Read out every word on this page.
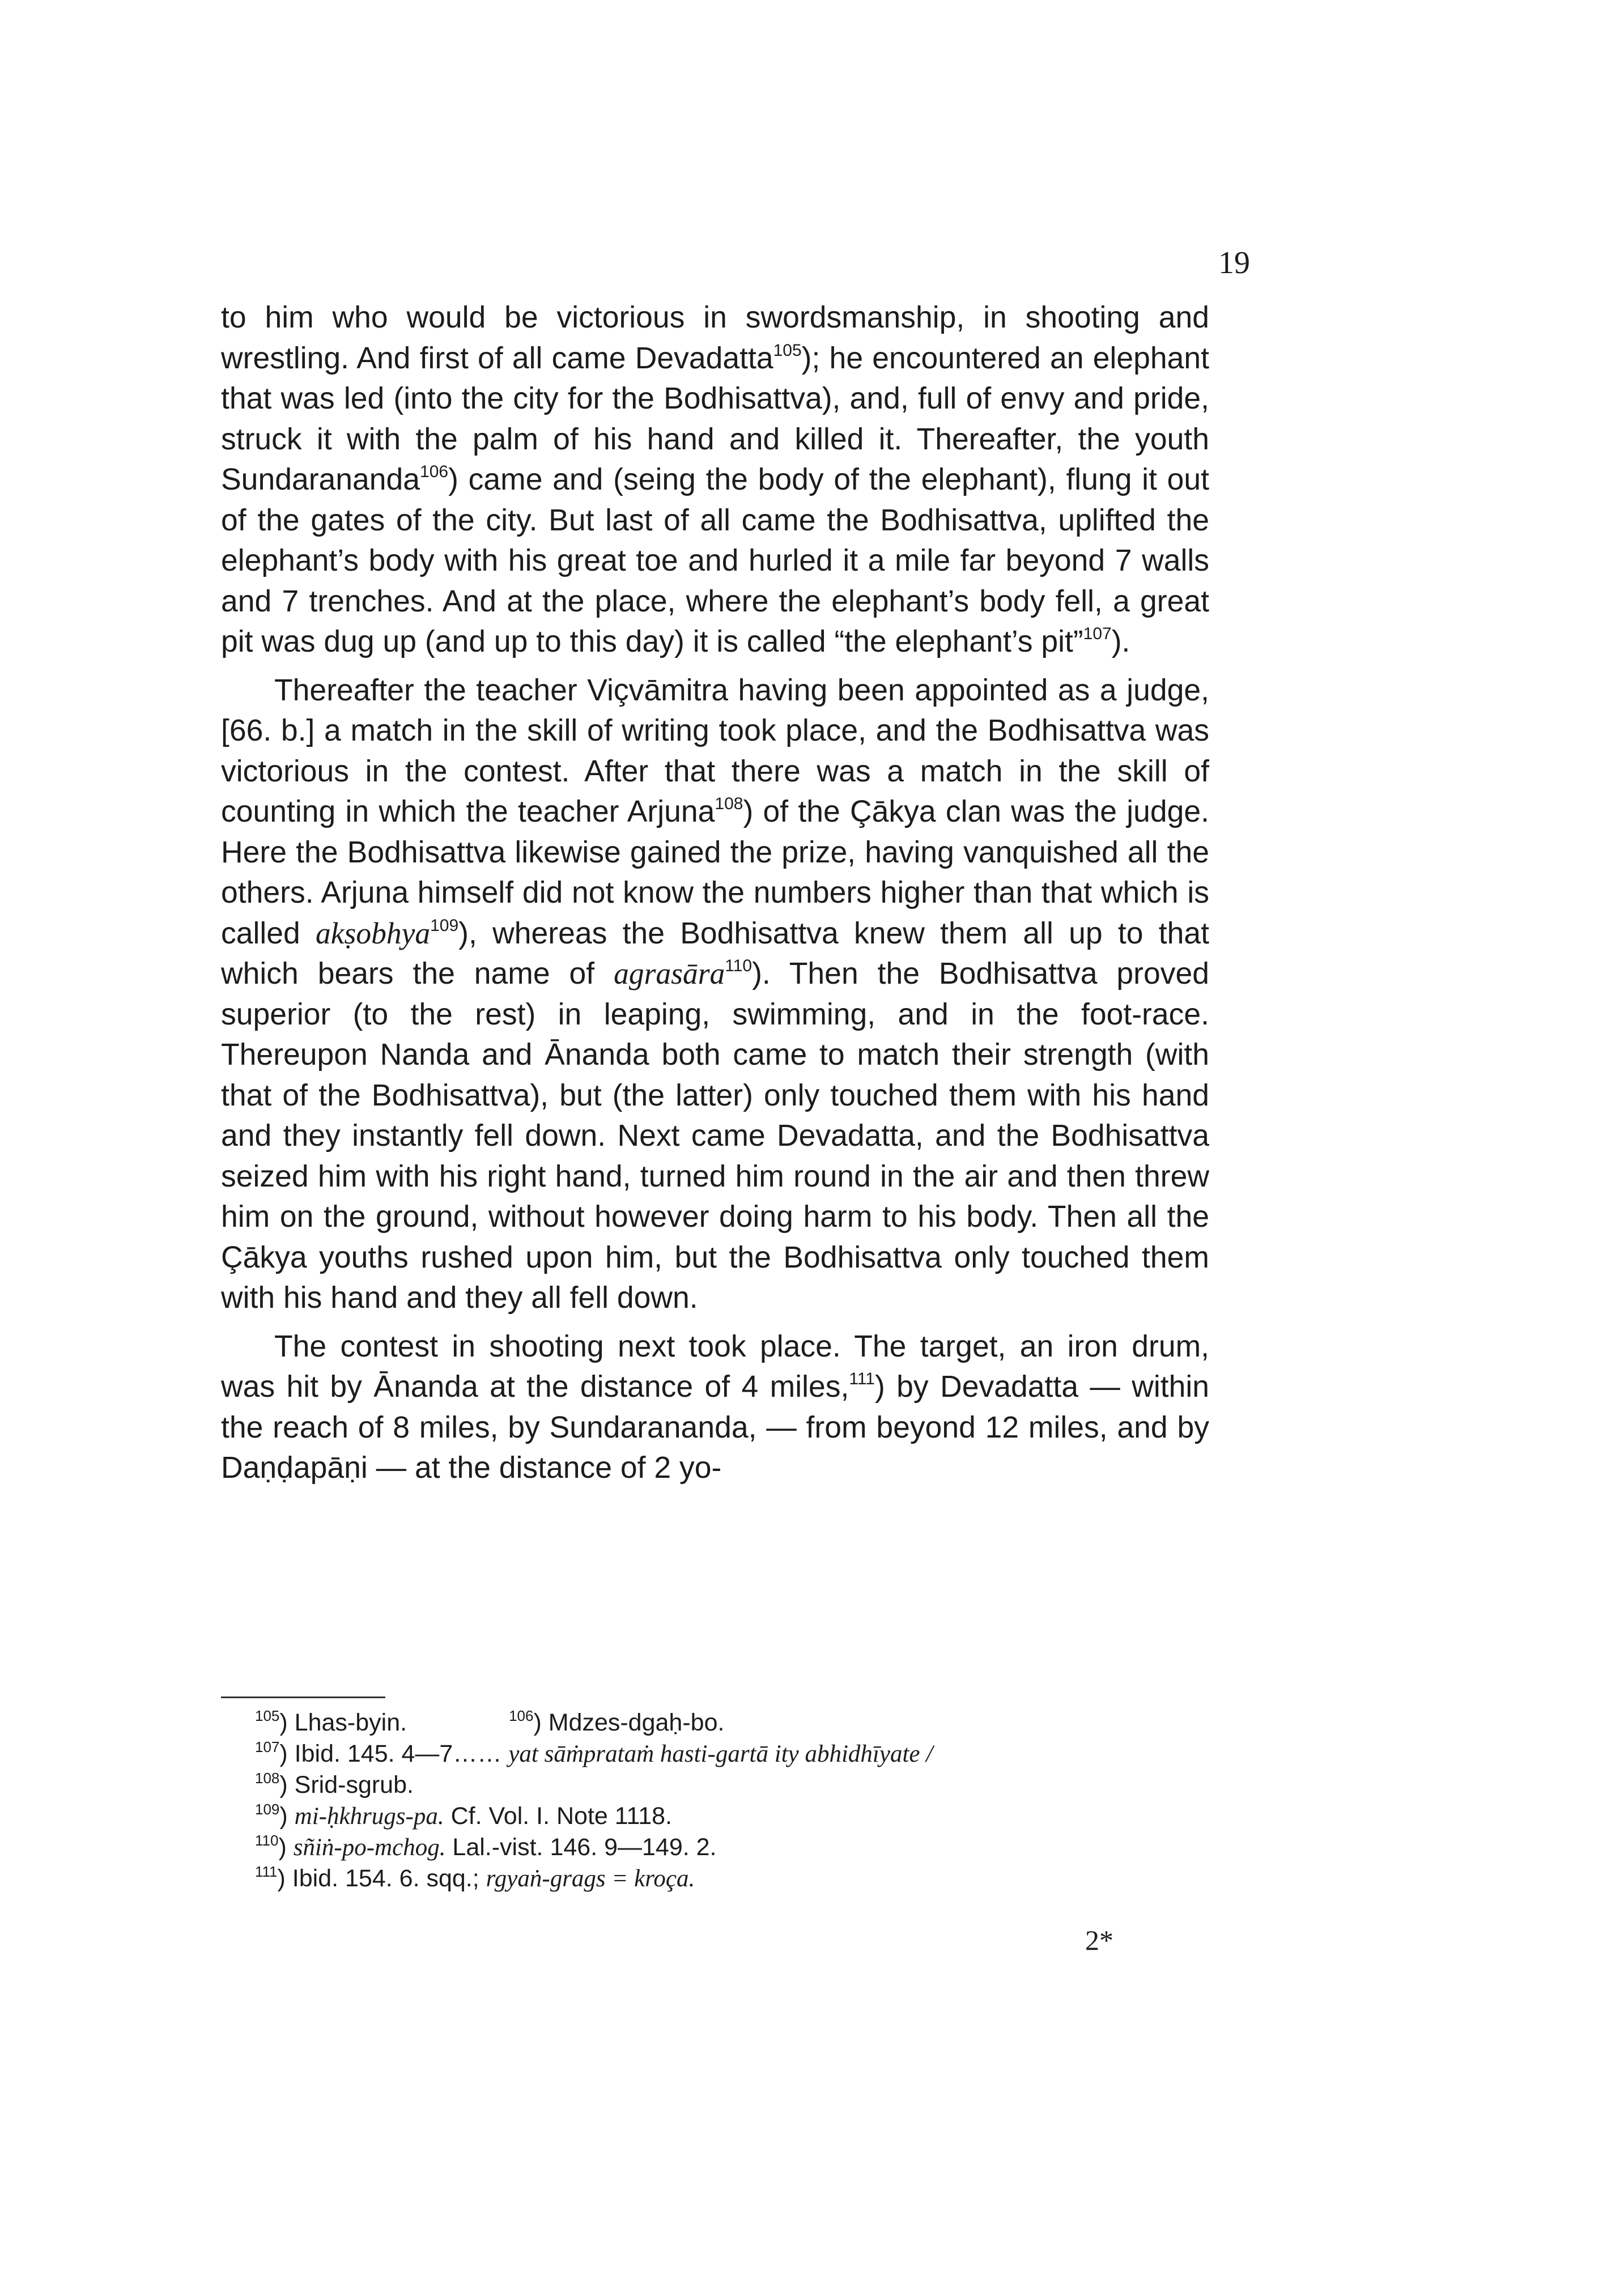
19

to him who would be victorious in swordsmanship, in shooting and wrestling. And first of all came Devadatta$^{105}$); he encountered an elephant that was led (into the city for the Bodhisattva), and, full of envy and pride, struck it with the palm of his hand and killed it. Thereafter, the youth Sundarananda$^{106}$) came and (seing the body of the elephant), flung it out of the gates of the city. But last of all came the Bodhisattva, uplifted the elephant’s body with his great toe and hurled it a mile far beyond 7 walls and 7 trenches. And at the place, where the elephant’s body fell, a great pit was dug up (and up to this day) it is called “the elephant’s pit”$^{107}$).

Thereafter the teacher Viçvāmitra having been appointed as a judge, [66. b.] a match in the skill of writing took place, and the Bodhisattva was victorious in the contest. After that there was a match in the skill of counting in which the teacher Arjuna$^{108}$) of the Çākya clan was the judge. Here the Bodhisattva likewise gained the prize, having vanquished all the others. Arjuna himself did not know the numbers higher than that which is called akṣobhya$^{109}$), whereas the Bodhisattva knew them all up to that which bears the name of agrasāra$^{110}$). Then the Bodhisattva proved superior (to the rest) in leaping, swimming, and in the foot-race. Thereupon Nanda and Ānanda both came to match their strength (with that of the Bodhisattva), but (the latter) only touched them with his hand and they instantly fell down. Next came Devadatta, and the Bodhisattva seized him with his right hand, turned him round in the air and then threw him on the ground, without however doing harm to his body. Then all the Çākya youths rushed upon him, but the Bodhisattva only touched them with his hand and they all fell down.

The contest in shooting next took place. The target, an iron drum, was hit by Ānanda at the distance of 4 miles,$^{111}$) by Devadatta — within the reach of 8 miles, by Sundarananda, — from beyond 12 miles, and by Daṇḍapāṇi — at the distance of 2 yo-

$^{105}$) Lhas-byin.	$^{106}$) Mdzes-dgaḥ-bo.
$^{107}$) Ibid. 145. 4—7…… yat sāṁprataṁ hasti-gartā ity abhidhīyate /
$^{108}$) Srid-sgrub.
$^{109}$) mi-ḥkhrugs-pa. Cf. Vol. I. Note 1118.
$^{110}$) sñiṅ-po-mchog. Lal.-vist. 146. 9—149. 2.
$^{111}$) Ibid. 154. 6. sqq.; rgyaṅ-grags = kroça.
2*
